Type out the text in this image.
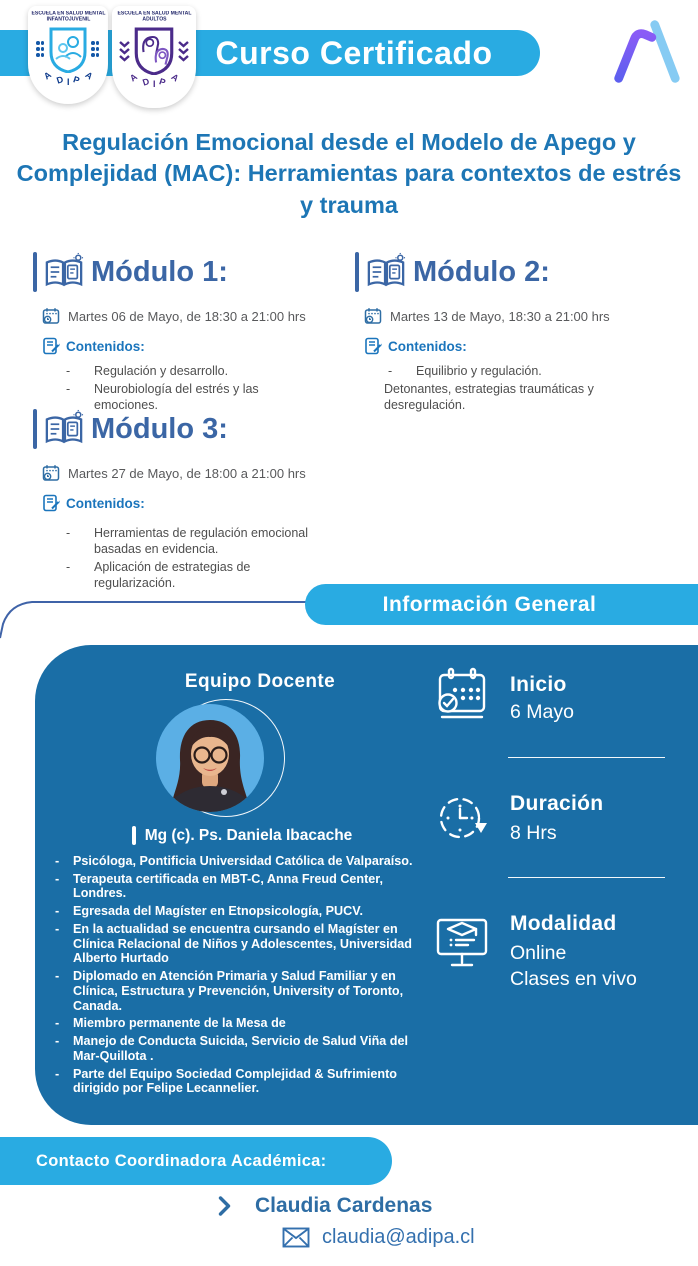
Curso Certificado
ESCUELA EN SALUD MENTAL
INFANTOJUVENIL
A D I P A
ESCUELA EN SALUD MENTAL
ADULTOS
A D I P A
Regulación Emocional desde el Modelo de Apego y Complejidad (MAC): Herramientas para contextos de estrés y trauma
Módulo 1:
Martes 06 de Mayo, de 18:30 a 21:00 hrs
Contenidos:
-	Regulación y desarrollo.
-	Neurobiología del estrés y las emociones.
Módulo 2:
Martes 13 de Mayo, 18:30 a 21:00 hrs
Contenidos:
-	Equilibrio y regulación.
Detonantes, estrategias traumáticas y desregulación.
Módulo 3:
Martes 27 de Mayo, de 18:00 a 21:00 hrs
Contenidos:
-	Herramientas de regulación emocional basadas en evidencia.
-	Aplicación de estrategias de regularización.
Información General
Equipo Docente
Mg (c). Ps. Daniela Ibacache
-	Psicóloga, Pontificia Universidad Católica de Valparaíso.
-	Terapeuta certificada en MBT-C, Anna Freud Center, Londres.
-	Egresada del Magíster en Etnopsicología, PUCV.
-	En la actualidad se encuentra cursando el Magíster en Clínica Relacional de Niños y Adolescentes, Universidad Alberto Hurtado
-	Diplomado en Atención Primaria y Salud Familiar y en Clínica, Estructura y Prevención, University of Toronto, Canada.
-	Miembro permanente de la Mesa de
-	Manejo de Conducta Suicida, Servicio de Salud Viña del Mar-Quillota .
-	Parte del Equipo Sociedad Complejidad & Sufrimiento dirigido por Felipe Lecannelier.
Inicio
6 Mayo
Duración
8 Hrs
Modalidad
Online
Clases en vivo
Contacto Coordinadora Académica:
Claudia Cardenas
claudia@adipa.cl
